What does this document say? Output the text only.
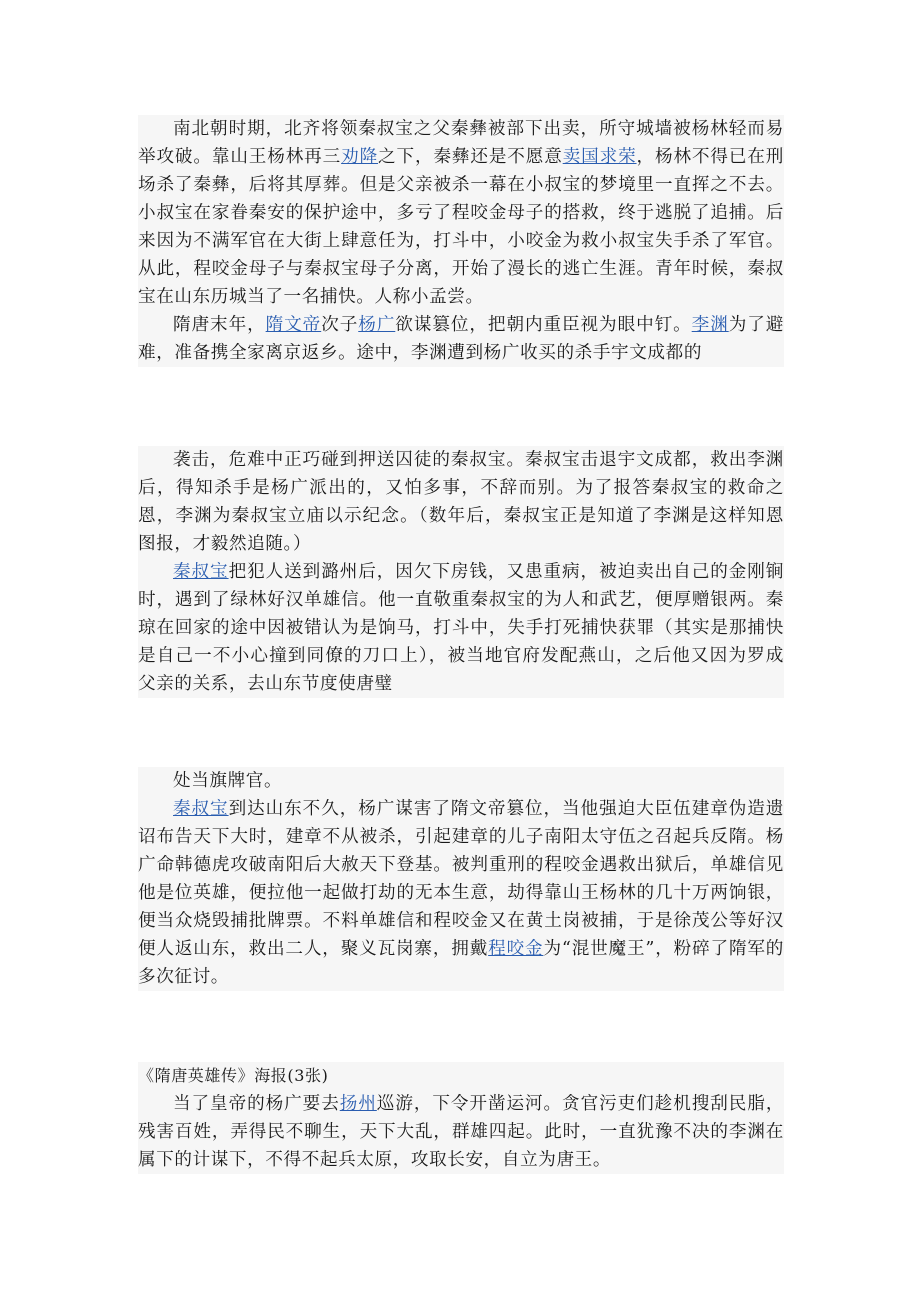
南北朝时期，北齐将领秦叔宝之父秦彝被部下出卖，所守城墙被杨林轻而易举攻破。靠山王杨林再三劝降之下，秦彝还是不愿意卖国求荣，杨林不得已在刑场杀了秦彝，后将其厚葬。但是父亲被杀一幕在小叔宝的梦境里一直挥之不去。小叔宝在家眷秦安的保护途中，多亏了程咬金母子的搭救，终于逃脱了追捕。后来因为不满军官在大街上肆意任为，打斗中，小咬金为救小叔宝失手杀了军官。从此，程咬金母子与秦叔宝母子分离，开始了漫长的逃亡生涯。青年时候，秦叔宝在山东历城当了一名捕快。人称小孟尝。

隋唐末年，隋文帝次子杨广欲谋篡位，把朝内重臣视为眼中钉。李渊为了避难，准备携全家离京返乡。途中，李渊遭到杨广收买的杀手宇文成都的

袭击，危难中正巧碰到押送囚徒的秦叔宝。秦叔宝击退宇文成都，救出李渊后，得知杀手是杨广派出的，又怕多事，不辞而别。为了报答秦叔宝的救命之恩，李渊为秦叔宝立庙以示纪念。（数年后，秦叔宝正是知道了李渊是这样知恩图报，才毅然追随。）

秦叔宝把犯人送到潞州后，因欠下房钱，又患重病，被迫卖出自己的金刚锏时，遇到了绿林好汉单雄信。他一直敬重秦叔宝的为人和武艺，便厚赠银两。秦琼在回家的途中因被错认为是饷马，打斗中，失手打死捕快获罪（其实是那捕快是自己一不小心撞到同僚的刀口上），被当地官府发配燕山，之后他又因为罗成父亲的关系，去山东节度使唐璧

处当旗牌官。

秦叔宝到达山东不久，杨广谋害了隋文帝篡位，当他强迫大臣伍建章伪造遗诏布告天下大时，建章不从被杀，引起建章的儿子南阳太守伍之召起兵反隋。杨广命韩德虎攻破南阳后大赦天下登基。被判重刑的程咬金遇救出狱后，单雄信见他是位英雄，便拉他一起做打劫的无本生意，劫得靠山王杨林的几十万两饷银，便当众烧毁捕批牌票。不料单雄信和程咬金又在黄土岗被捕，于是徐茂公等好汉便人返山东，救出二人，聚义瓦岗寨，拥戴程咬金为“混世魔王”，粉碎了隋军的多次征讨。

《隋唐英雄传》海报(3张)

当了皇帝的杨广要去扬州巡游，下令开凿运河。贪官污吏们趁机搜刮民脂，残害百姓，弄得民不聊生，天下大乱，群雄四起。此时，一直犹豫不决的李渊在属下的计谋下，不得不起兵太原，攻取长安，自立为唐王。
